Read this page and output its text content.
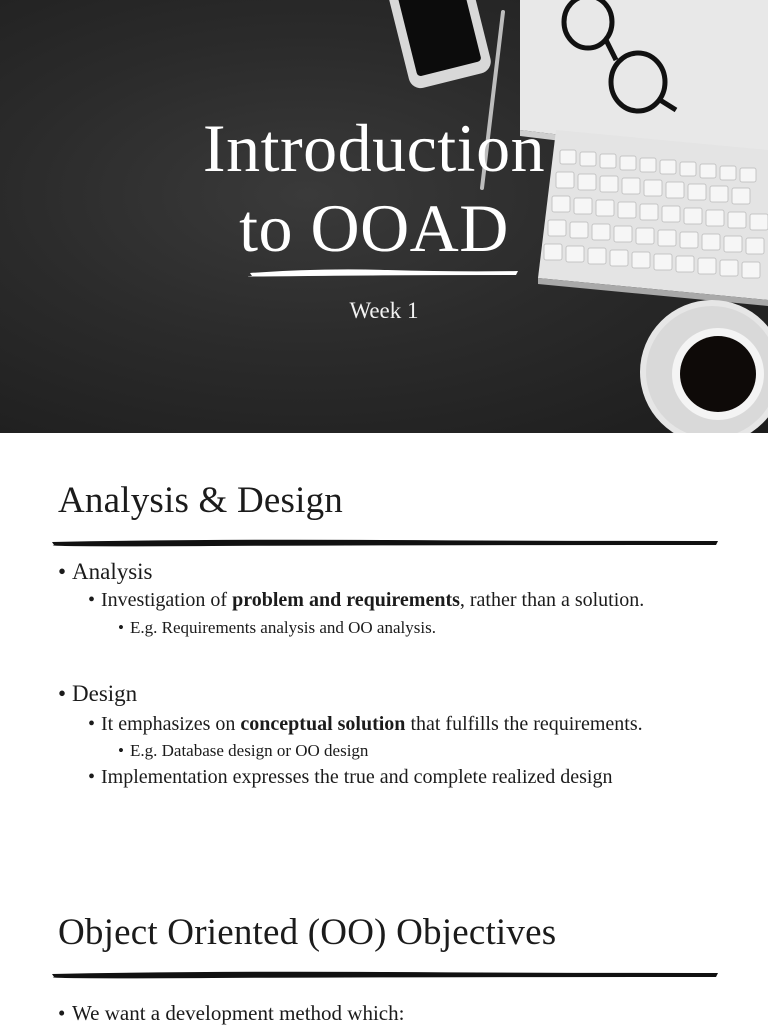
Introduction
to OOAD
Week 1
Analysis & Design
• Analysis
• Investigation of problem and requirements, rather than a solution.
• E.g. Requirements analysis and OO analysis.
• Design
• It emphasizes on conceptual solution that fulfills the requirements.
• E.g. Database design or OO design
• Implementation expresses the true and complete realized design
Object Oriented (OO) Objectives
• We want a development method which:
